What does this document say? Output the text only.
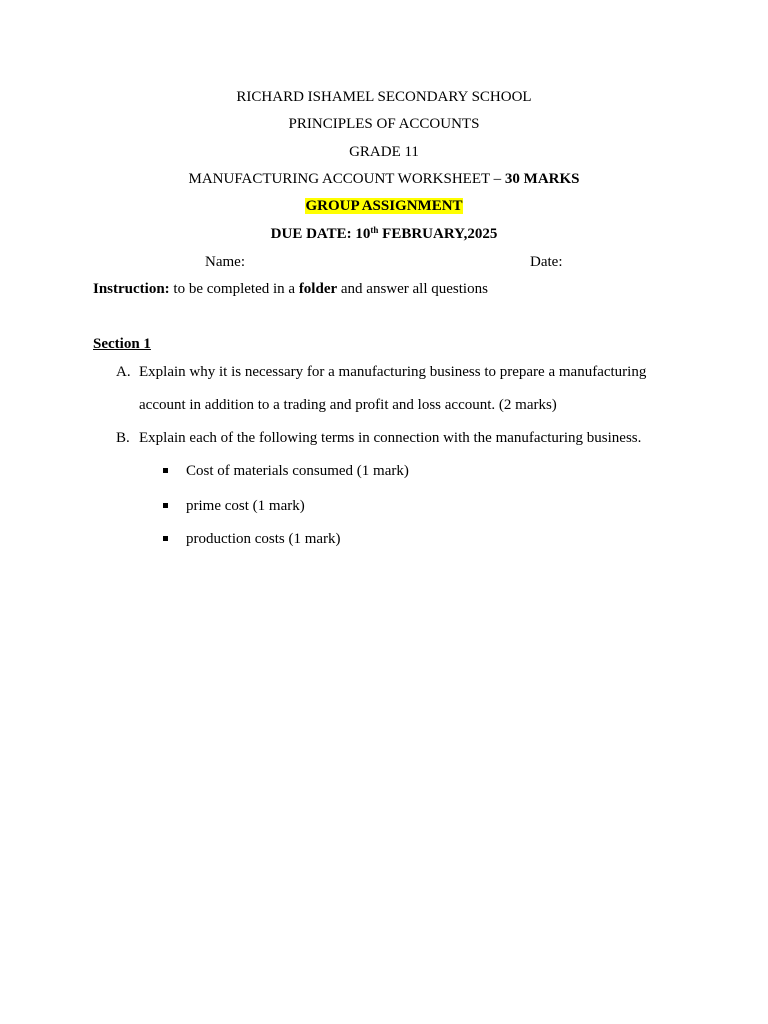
RICHARD ISHAMEL SECONDARY SCHOOL
PRINCIPLES OF ACCOUNTS
GRADE 11
MANUFACTURING ACCOUNT WORKSHEET – 30 MARKS
GROUP ASSIGNMENT
DUE DATE: 10th FEBRUARY,2025
Name:	Date:
Instruction: to be completed in a folder and answer all questions
Section 1
A. Explain why it is necessary for a manufacturing business to prepare a manufacturing
account in addition to a trading and profit and loss account. (2 marks)
B. Explain each of the following terms in connection with the manufacturing business.
Cost of materials consumed (1 mark)
prime cost (1 mark)
production costs (1 mark)
